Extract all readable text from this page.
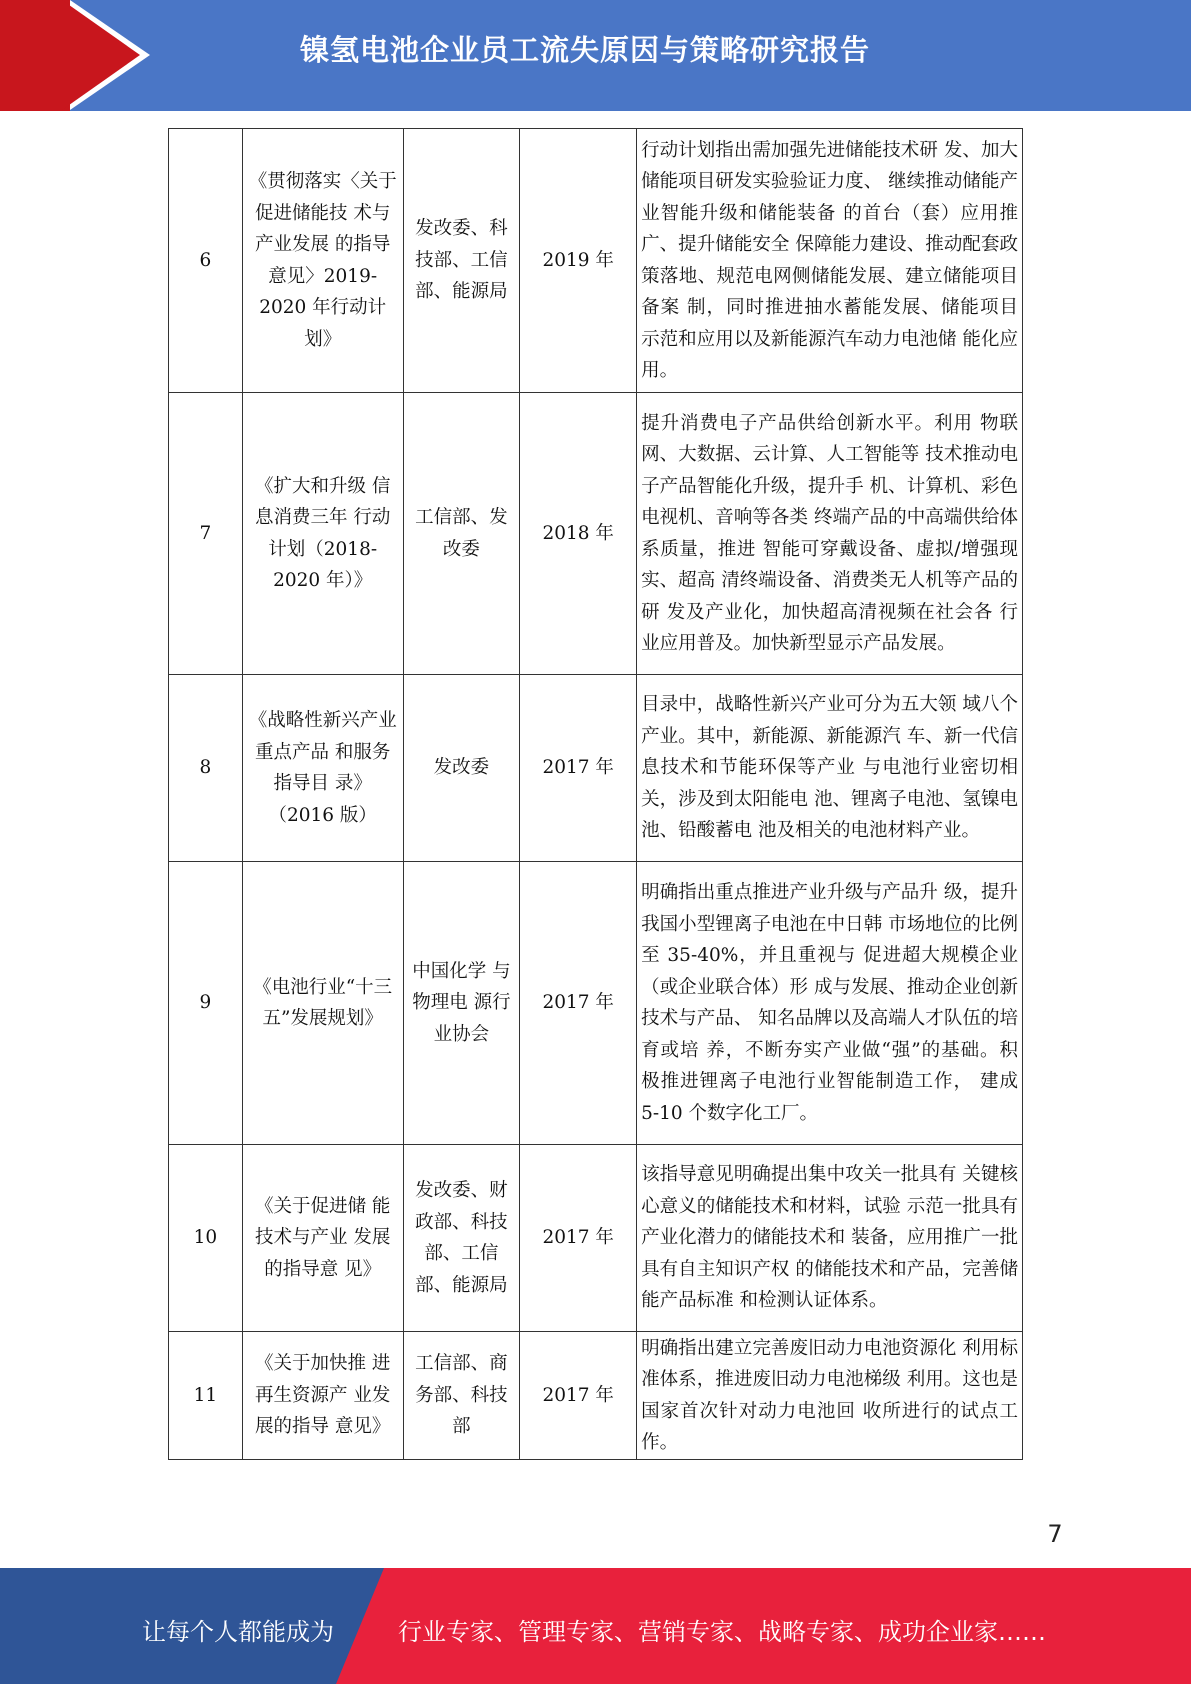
镍氢电池企业员工流失原因与策略研究报告
6	《贯彻落实〈关于促进储能技 术与产业发展 的指导意见〉2019-2020 年行动计划》	发改委、科技部、工信部、能源局	2019 年	行动计划指出需加强先进储能技术研 发、加大储能项目研发实验验证力度、 继续推动储能产业智能升级和储能装备 的首台（套）应用推广、提升储能安全 保障能力建设、推动配套政策落地、规范电网侧储能发展、建立储能项目备案 制，同时推进抽水蓄能发展、储能项目 示范和应用以及新能源汽车动力电池储 能化应用。
7	《扩大和升级 信息消费三年 行动计划（2018-2020 年）》	工信部、发改委	2018 年	提升消费电子产品供给创新水平。利用 物联网、大数据、云计算、人工智能等 技术推动电子产品智能化升级，提升手 机、计算机、彩色电视机、音响等各类 终端产品的中高端供给体系质量，推进 智能可穿戴设备、虚拟/增强现实、超高 清终端设备、消费类无人机等产品的研 发及产业化，加快超高清视频在社会各 行业应用普及。加快新型显示产品发展。
8	《战略性新兴产业重点产品 和服务指导目 录》（2016 版）	发改委	2017 年	目录中，战略性新兴产业可分为五大领 域八个产业。其中，新能源、新能源汽 车、新一代信息技术和节能环保等产业 与电池行业密切相关，涉及到太阳能电 池、锂离子电池、氢镍电池、铅酸蓄电 池及相关的电池材料产业。
9	《电池行业“十三五”发展规划》	中国化学 与物理电 源行业协会	2017 年	明确指出重点推进产业升级与产品升 级，提升我国小型锂离子电池在中日韩 市场地位的比例至 35-40%，并且重视与 促进超大规模企业（或企业联合体）形 成与发展、推动企业创新技术与产品、 知名品牌以及高端人才队伍的培育或培 养，不断夯实产业做“强”的基础。积 极推进锂离子电池行业智能制造工作， 建成 5-10 个数字化工厂。
10	《关于促进储 能技术与产业 发展的指导意 见》	发改委、财政部、科技部、工信部、能源局	2017 年	该指导意见明确提出集中攻关一批具有 关键核心意义的储能技术和材料，试验 示范一批具有产业化潜力的储能技术和 装备，应用推广一批具有自主知识产权 的储能技术和产品，完善储能产品标准 和检测认证体系。
11	《关于加快推 进再生资源产 业发展的指导 意见》	工信部、商务部、科技部	2017 年	明确指出建立完善废旧动力电池资源化 利用标准体系，推进废旧动力电池梯级 利用。这也是国家首次针对动力电池回 收所进行的试点工作。
7
让每个人都能成为	行业专家、管理专家、营销专家、战略专家、成功企业家……
